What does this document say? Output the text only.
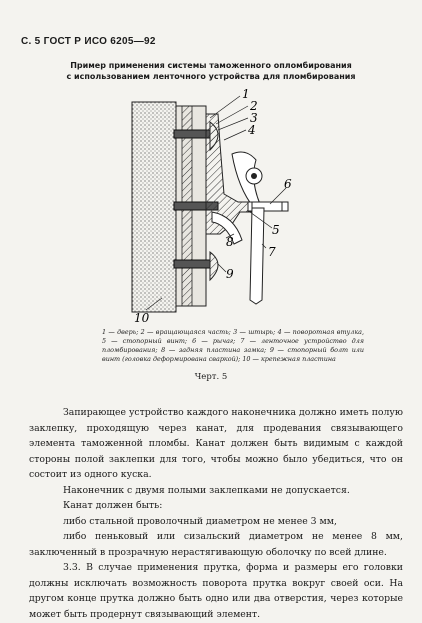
С. 5 ГОСТ Р ИСО 6205—92
Пример применения системы таможенного опломбирования
с использованием ленточного устройства для пломбирования
1
2
3
4
5
6
7
8
9
10
1 — дверь; 2 — вращающаяся часть; 3 — штырь; 4 — поворотная втулка, 5 — стопорный винт; 6 — рычаг; 7 — ленточное устройство для пломбирования; 8 — задняя пластина замка; 9 — стопорный болт или винт (головка деформирована сваркой); 10 — крепежная пластина
Черт. 5

Запирающее устройство каждого наконечника должно иметь полую заклепку, проходящую через канат, для продевания связывающего элемента таможенной пломбы. Канат должен быть видимым с каждой стороны полой заклепки для того, чтобы можно было убедиться, что он состоит из одного куска.

Наконечник с двумя полыми заклепками не допускается.

Канат должен быть:

либо стальной проволочный диаметром не менее 3 мм,

либо пеньковый или сизальский диаметром не менее 8 мм, заключенный в прозрачную нерастягивающую оболочку по всей длине.

3.3. В случае применения прутка, форма и размеры его головки должны исключать возможность поворота прутка вокруг своей оси. На другом конце прутка должно быть одно или два отверстия, через которые может быть продернут связывающий элемент.
